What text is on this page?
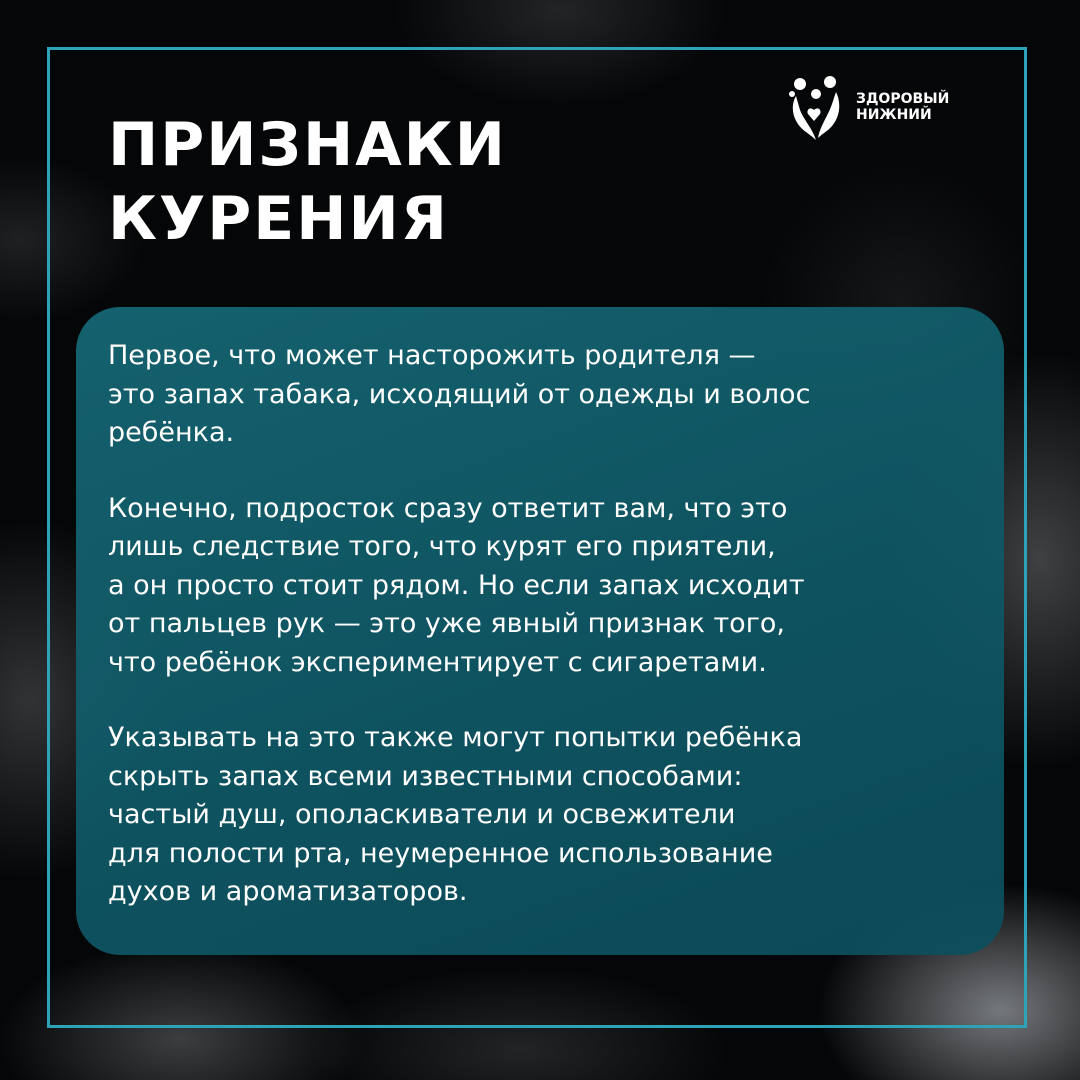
ПРИЗНАКИ
КУРЕНИЯ
ЗДОРОВЫЙ
НИЖНИЙ

Первое, что может насторожить родителя —
это запах табака, исходящий от одежды и волос
ребёнка.

Конечно, подросток сразу ответит вам, что это
лишь следствие того, что курят его приятели,
а он просто стоит рядом. Но если запах исходит
от пальцев рук — это уже явный признак того,
что ребёнок экспериментирует с сигаретами.

Указывать на это также могут попытки ребёнка
скрыть запах всеми известными способами:
частый душ, ополаскиватели и освежители
для полости рта, неумеренное использование
духов и ароматизаторов.
